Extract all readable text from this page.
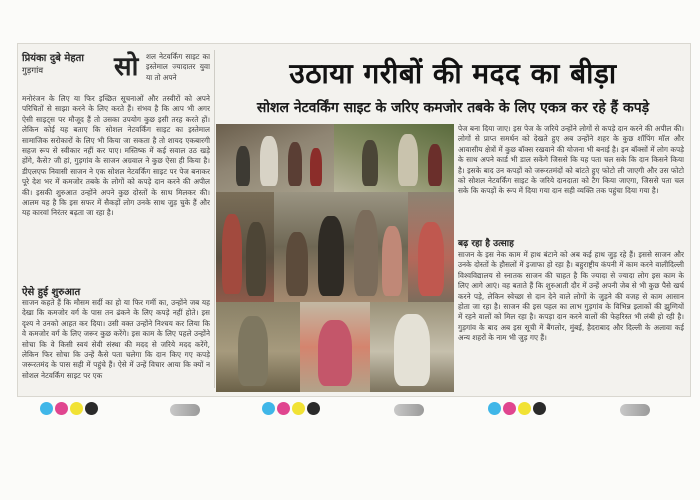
प्रियंका दुबे मेहता
गुड़गांव	सो	शल नेटवर्किंग साइट का इस्तेमाल ज्यादातर युवा या तो अपने
मनोरंजन के लिए या फिर इच्छित सूचनाओं और तस्वीरों को अपने परिचितों से साझा करने के लिए करते हैं। संभव है कि आप भी अगर ऐसी साइट्स पर मौजूद हैं तो उसका उपयोग कुछ इसी तरह करते हों। लेकिन कोई यह बताए कि सोशल नेटवर्किंग साइट का इस्तेमाल सामाजिक सरोकारों के लिए भी किया जा सकता है तो शायद एकबारगी सहज रूप से स्वीकार नहीं कर पाए। मस्तिष्क में कई सवाल उठ खड़े होंगे, कैसे? जी हां, गुड़गांव के साजन अग्रवाल ने कुछ ऐसा ही किया है। डीएलएफ निवासी साजन ने एक सोशल नेटवर्किंग साइट पर पेज बनाकर पूरे देश भर में कमजोर तबके के लोगों को कपड़े दान करने की अपील की। इसकी शुरुआत उन्होंने अपने कुछ दोस्तों के साथ मिलकर की। आलम यह है कि इस सफर में सैकड़ों लोग उनके साथ जुड़ चुके हैं और यह कारवां निरंतर बढ़ता जा रहा है।
ऐसे हुई शुरुआत
साजन कहते हैं कि मौसम सर्दी का हो या फिर गर्मी का, उन्होंने जब यह देखा कि कमजोर वर्ग के पास तन ढंकने के लिए कपड़े नहीं होते। इस दृश्य ने उनको आहत कर दिया। उसी वक्त उन्होंने निश्चय कर लिया कि वे कमजोर वर्ग के लिए जरूर कुछ करेंगे। इस काम के लिए पहले उन्होंने सोचा कि वे किसी स्वयं सेवी संस्था की मदद से जरिये मदद करेंगे, लेकिन फिर सोचा कि उन्हें कैसे पता चलेगा कि दान किए गए कपड़े जरूरतमंद के पास सही में पहुंचे हैं। ऐसे में उन्हें विचार आया कि क्यों न सोशल नेटवर्किंग साइट पर एक
उठाया गरीबों की मदद का बीड़ा
सोशल नेटवर्किंग साइट के जरिए कमजोर तबके के लिए एकत्र कर रहे हैं कपड़े
पेज बना दिया जाए। इस पेज के जरिये उन्होंने लोगों से कपड़े दान करने की अपील की। लोगों से प्राप्त समर्थन को देखते हुए अब उन्होंने शहर के कुछ शॉपिंग मॉल और आवासीय क्षेत्रों में कुछ बॉक्स रखवाने की योजना भी बनाई है। इन बॉक्सों में लोग कपड़े के साथ अपने कार्ड भी डाल सकेंगे जिससे कि यह पता चल सके कि दान किसने किया है। इसके बाद उन कपड़ों को जरूरतमंदों को बांटते हुए फोटो ली जाएगी और उस फोटो को सोशल नेटवर्किंग साइट के जरिये दानदाता को टैग किया जाएगा, जिससे पता चल सके कि कपड़ों के रूप में दिया गया दान सही व्यक्ति तक पहुंचा दिया गया है।
बढ़ रहा है उत्साह
साजन के इस नेक काम में हाथ बंटाने को अब कई हाथ जुड़ रहे हैं। इससे साजन और उनके दोस्तों के हौसलों में इजाफा हो रहा है। बहुराष्ट्रीय कंपनी में काम करने वालीदिल्ली विश्वविद्यालय से स्नातक साजन की चाहत है कि ज्यादा से ज्यादा लोग इस काम के लिए आगे आएं। वह बताते हैं कि शुरुआती दौर में उन्हें अपनी जेब से भी कुछ पैसे खर्च करने पड़े, लेकिन स्वेच्छा से दान देने वाले लोगों के जुड़ने की वजह से काम आसान होता जा रहा है। साजन की इस पहल का लाभ गुड़गांव के विभिन्न इलाकों की झुग्गियों में रहने वालों को मिल रहा है। कपड़ा दान करने वालों की फेहरिस्त भी लंबी हो रही है। गुड़गांव के बाद अब इस सूची में बैंगलोर, मुंबई, हैदराबाद और दिल्ली के अलावा कई अन्य शहरों के नाम भी जुड़ गए हैं।
